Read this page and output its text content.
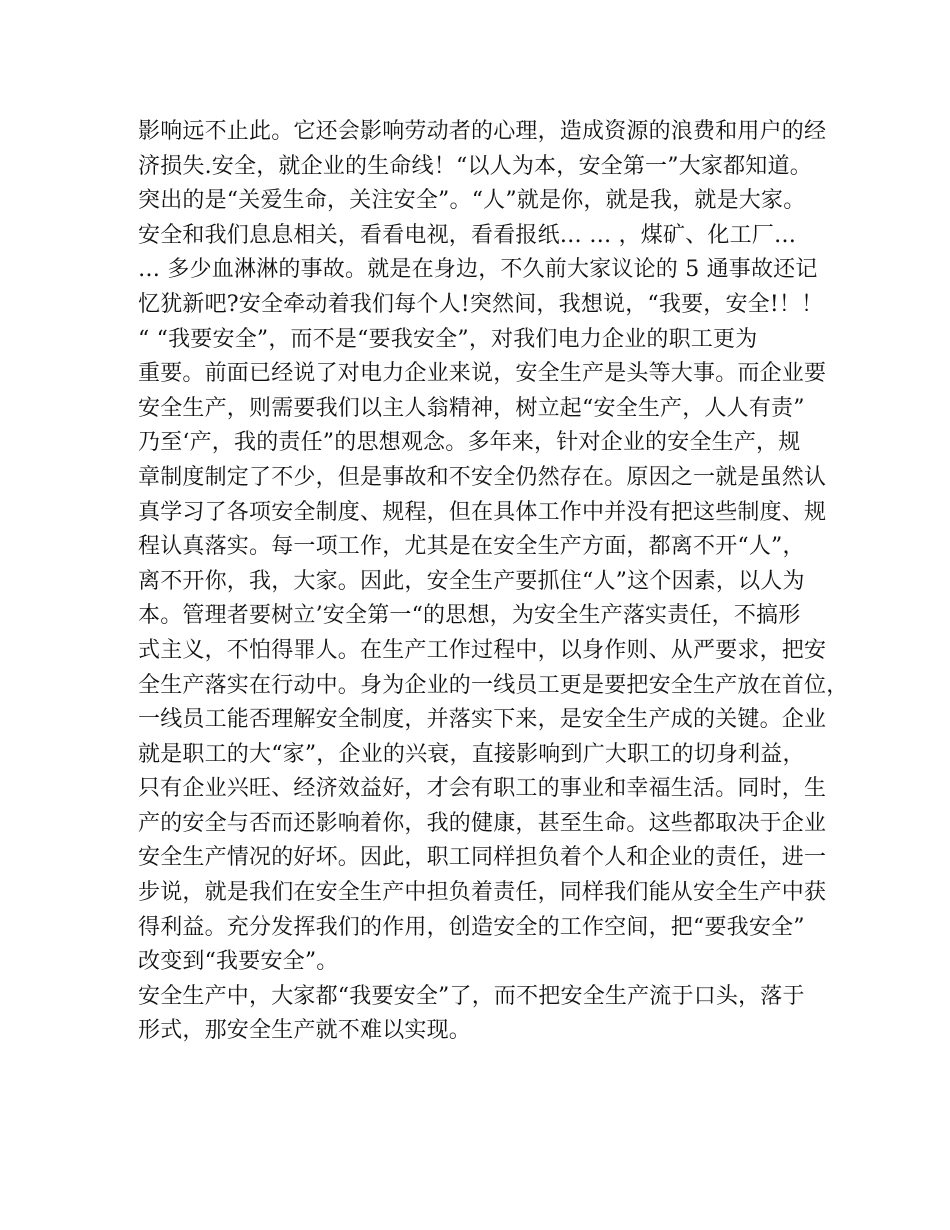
影响远不止此。它还会影响劳动者的心理，造成资源的浪费和用户的经
济损失.安全，就企业的生命线！“以人为本，安全第一”大家都知道。
突出的是“关爱生命，关注安全”。“人”就是你，就是我，就是大家。
安全和我们息息相关，看看电视，看看报纸… … ，煤矿、化工厂…
… 多少血淋淋的事故。就是在身边，不久前大家议论的 5 通事故还记
忆犹新吧?安全牵动着我们每个人!突然间，我想说，“我要，安全!！！
“ “我要安全”，而不是“要我安全”，对我们电力企业的职工更为
重要。前面已经说了对电力企业来说，安全生产是头等大事。而企业要
安全生产，则需要我们以主人翁精神，树立起“安全生产，人人有责”
乃至‘产，我的责任”的思想观念。多年来，针对企业的安全生产，规
章制度制定了不少，但是事故和不安全仍然存在。原因之一就是虽然认
真学习了各项安全制度、规程，但在具体工作中并没有把这些制度、规
程认真落实。每一项工作，尤其是在安全生产方面，都离不开“人”，
离不开你，我，大家。因此，安全生产要抓住“人”这个因素，以人为
本。管理者要树立’安全第一“的思想，为安全生产落实责任，不搞形
式主义，不怕得罪人。在生产工作过程中，以身作则、从严要求，把安
全生产落实在行动中。身为企业的一线员工更是要把安全生产放在首位，
一线员工能否理解安全制度，并落实下来，是安全生产成的关键。企业
就是职工的大“家”，企业的兴衰，直接影响到广大职工的切身利益，
只有企业兴旺、经济效益好，才会有职工的事业和幸福生活。同时，生
产的安全与否而还影响着你，我的健康，甚至生命。这些都取决于企业
安全生产情况的好坏。因此，职工同样担负着个人和企业的责任，进一
步说，就是我们在安全生产中担负着责任，同样我们能从安全生产中获
得利益。充分发挥我们的作用，创造安全的工作空间，把“要我安全”
改变到“我要安全”。
安全生产中，大家都“我要安全”了，而不把安全生产流于口头，落于
形式，那安全生产就不难以实现。
